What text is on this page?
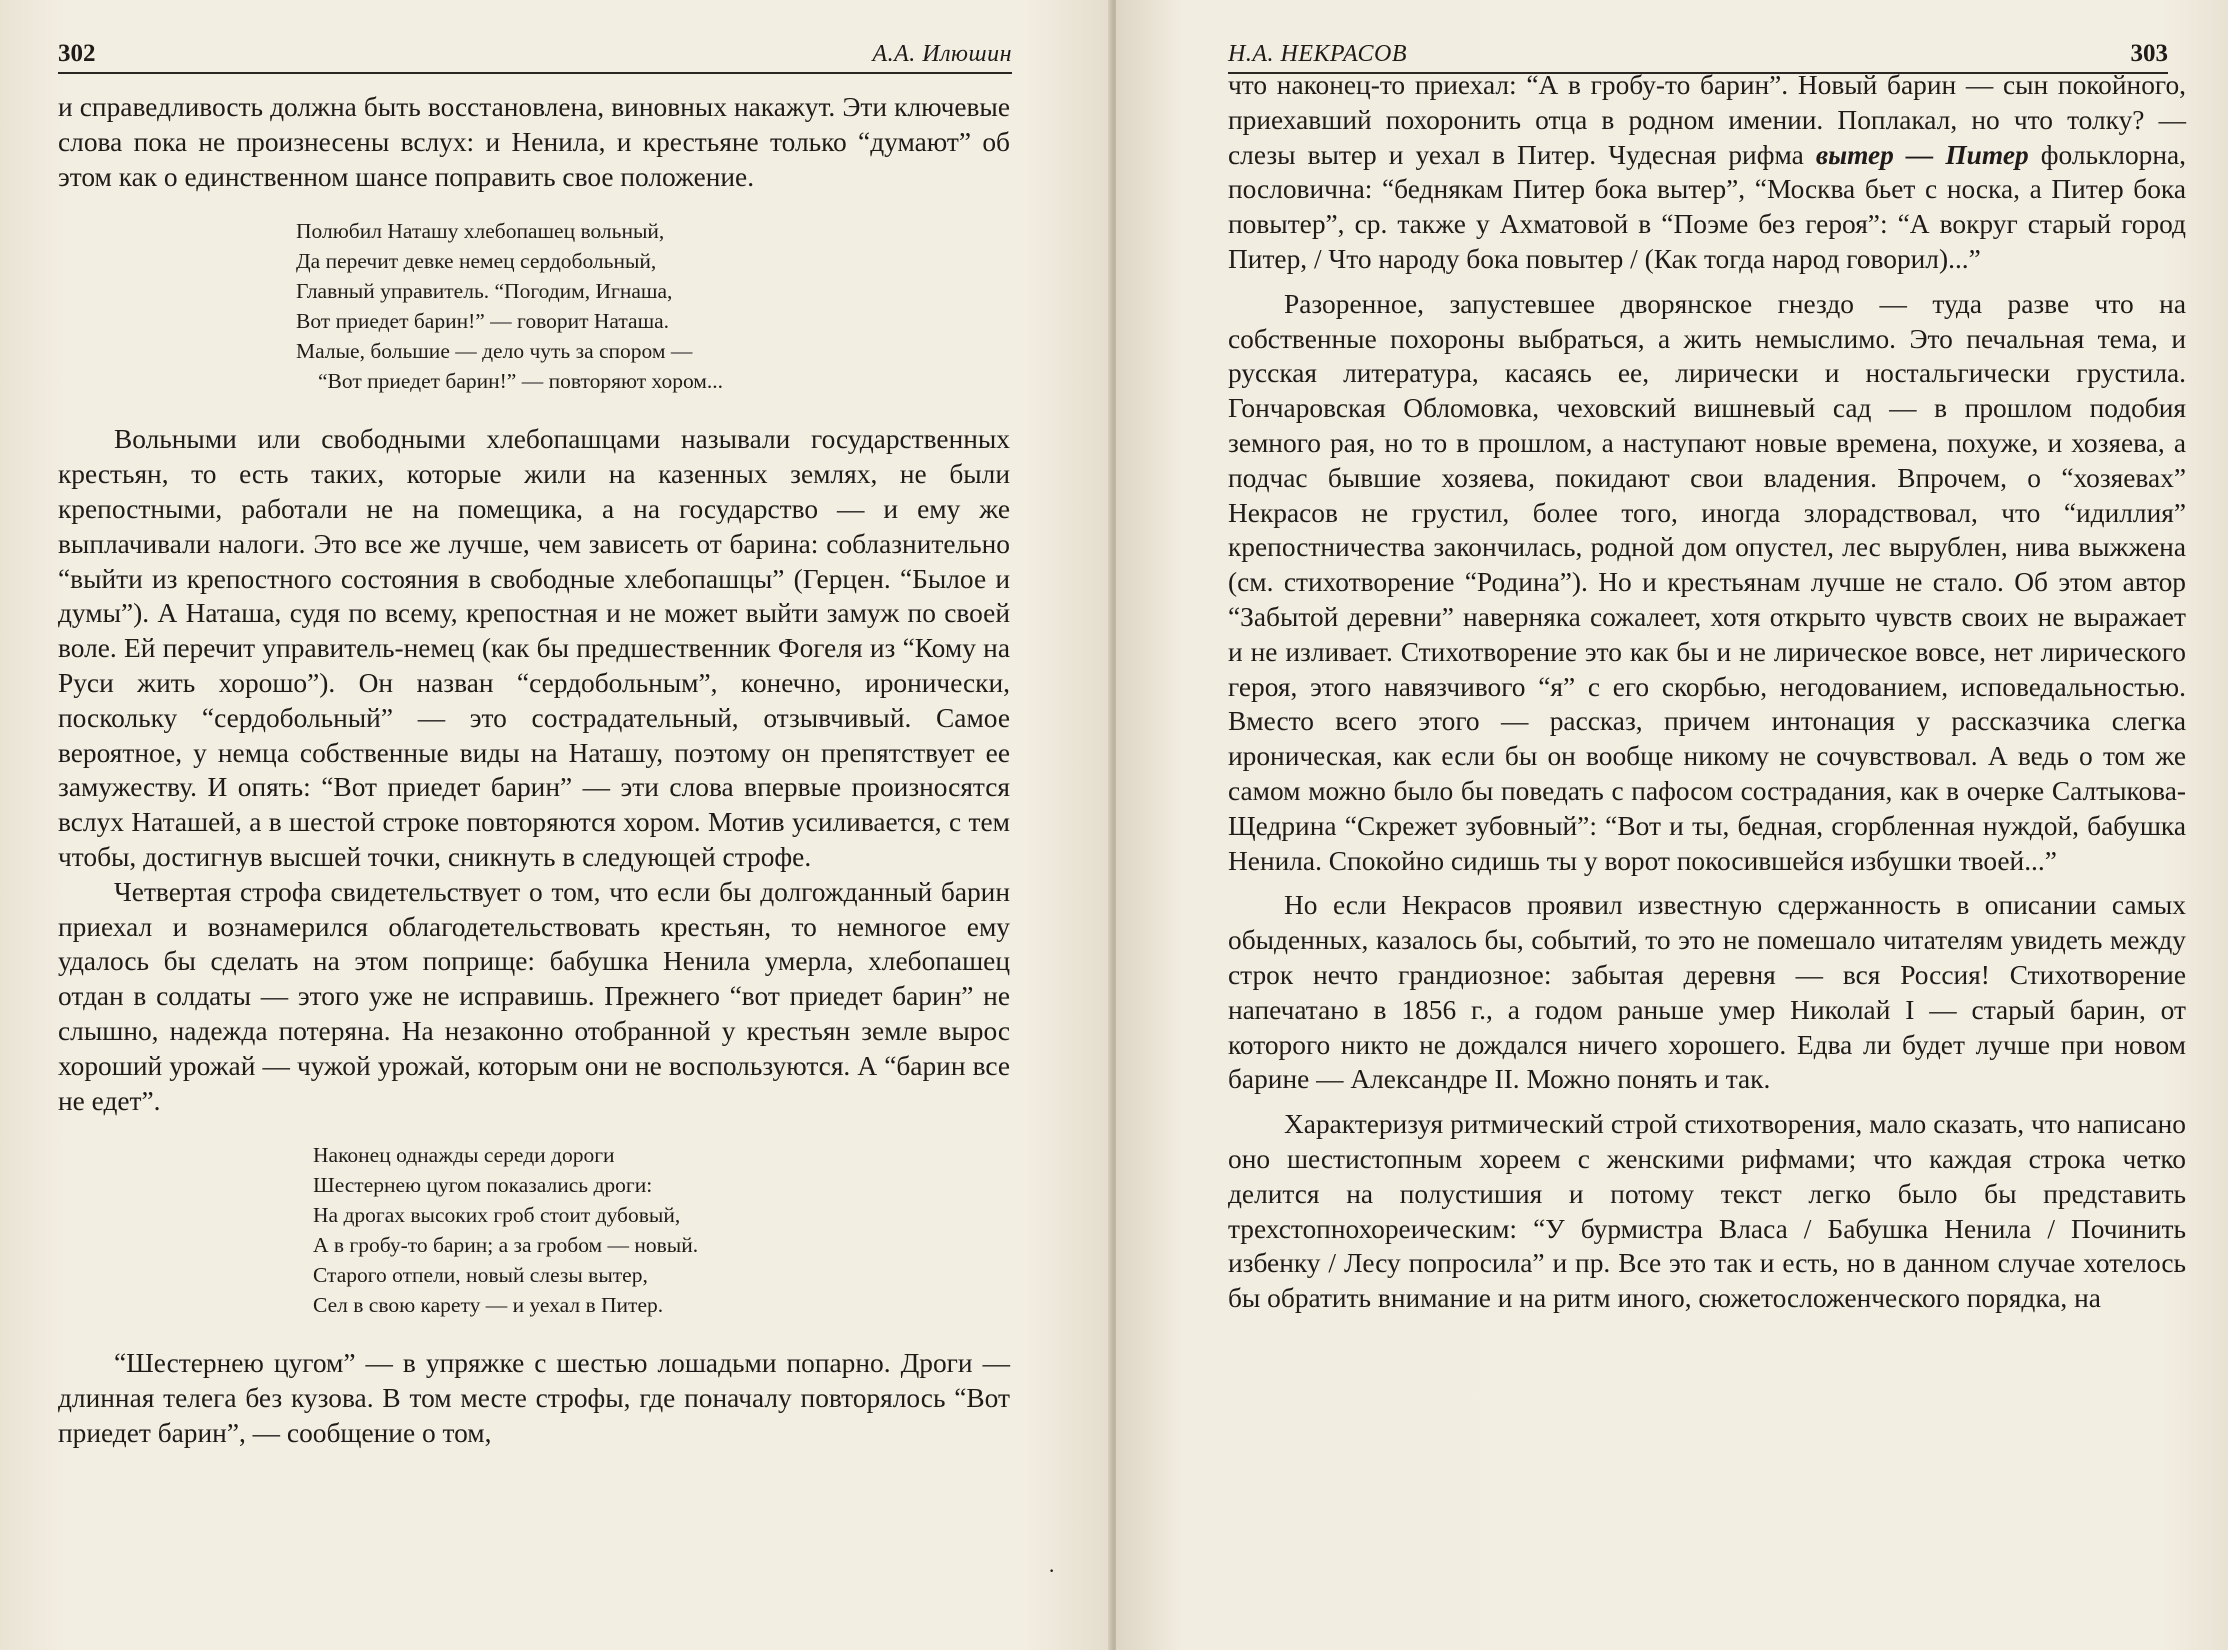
302	А.А. Илюшин

и справедливость должна быть восстановлена, виновных накажут. Эти ключевые слова пока не произнесены вслух: и Ненила, и крестьяне только “думают” об этом как о единственном шансе поправить свое положение.

Полюбил Наташу хлебопашец вольный,
Да перечит девке немец сердобольный,
Главный управитель. “Погодим, Игнаша,
Вот приедет барин!” — говорит Наташа.
Малые, большие — дело чуть за спором —
“Вот приедет барин!” — повторяют хором...

Вольными или свободными хлебопашцами называли государственных крестьян, то есть таких, которые жили на казенных землях, не были крепостными, работали не на помещика, а на государство — и ему же выплачивали налоги. Это все же лучше, чем зависеть от барина: соблазнительно “выйти из крепостного состояния в свободные хлебопашцы” (Герцен. “Былое и думы”). А Наташа, судя по всему, крепостная и не может выйти замуж по своей воле. Ей перечит управитель-немец (как бы предшественник Фогеля из “Кому на Руси жить хорошо”). Он назван “сердобольным”, конечно, иронически, поскольку “сердобольный” — это сострадательный, отзывчивый. Самое вероятное, у немца собственные виды на Наташу, поэтому он препятствует ее замужеству. И опять: “Вот приедет барин” — эти слова впервые произносятся вслух Наташей, а в шестой строке повторяются хором. Мотив усиливается, с тем чтобы, достигнув высшей точки, сникнуть в следующей строфе.

Четвертая строфа свидетельствует о том, что если бы долгожданный барин приехал и вознамерился облагодетельствовать крестьян, то немногое ему удалось бы сделать на этом поприще: бабушка Ненила умерла, хлебопашец отдан в солдаты — этого уже не исправишь. Прежнего “вот приедет барин” не слышно, надежда потеряна. На незаконно отобранной у крестьян земле вырос хороший урожай — чужой урожай, которым они не воспользуются. А “барин все не едет”.

Наконец однажды середи дороги
Шестернею цугом показались дроги:
На дрогах высоких гроб стоит дубовый,
А в гробу-то барин; а за гробом — новый.
Старого отпели, новый слезы вытер,
Сел в свою карету — и уехал в Питер.

“Шестернею цугом” — в упряжке с шестью лошадьми попарно. Дроги — длинная телега без кузова. В том месте строфы, где поначалу повторялось “Вот приедет барин”, — сообщение о том,

·
Н.А. НЕКРАСОВ	303

что наконец-то приехал: “А в гробу-то барин”. Новый барин — сын покойного, приехавший похоронить отца в родном имении. Поплакал, но что толку? — слезы вытер и уехал в Питер. Чудесная рифма вытер — Питер фольклорна, пословична: “беднякам Питер бока вытер”, “Москва бьет с носка, а Питер бока повытер”, ср. также у Ахматовой в “Поэме без героя”: “А вокруг старый город Питер, / Что народу бока повытер / (Как тогда народ говорил)...”

Разоренное, запустевшее дворянское гнездо — туда разве что на собственные похороны выбраться, а жить немыслимо. Это печальная тема, и русская литература, касаясь ее, лирически и ностальгически грустила. Гончаровская Обломовка, чеховский вишневый сад — в прошлом подобия земного рая, но то в прошлом, а наступают новые времена, похуже, и хозяева, а подчас бывшие хозяева, покидают свои владения. Впрочем, о “хозяевах” Некрасов не грустил, более того, иногда злорадствовал, что “идиллия” крепостничества закончилась, родной дом опустел, лес вырублен, нива выжжена (см. стихотворение “Родина”). Но и крестьянам лучше не стало. Об этом автор “Забытой деревни” наверняка сожалеет, хотя открыто чувств своих не выражает и не изливает. Стихотворение это как бы и не лирическое вовсе, нет лирического героя, этого навязчивого “я” с его скорбью, негодованием, исповедальностью. Вместо всего этого — рассказ, причем интонация у рассказчика слегка ироническая, как если бы он вообще никому не сочувствовал. А ведь о том же самом можно было бы поведать с пафосом сострадания, как в очерке Салтыкова-Щедрина “Скрежет зубовный”: “Вот и ты, бедная, сгорбленная нуждой, бабушка Ненила. Спокойно сидишь ты у ворот покосившейся избушки твоей...”

Но если Некрасов проявил известную сдержанность в описании самых обыденных, казалось бы, событий, то это не помешало читателям увидеть между строк нечто грандиозное: забытая деревня — вся Россия! Стихотворение напечатано в 1856 г., а годом раньше умер Николай I — старый барин, от которого никто не дождался ничего хорошего. Едва ли будет лучше при новом барине — Александре II. Можно понять и так.

Характеризуя ритмический строй стихотворения, мало сказать, что написано оно шестистопным хореем с женскими рифмами; что каждая строка четко делится на полустишия и потому текст легко было бы представить трехстопнохореическим: “У бурмистра Власа / Бабушка Ненила / Починить избенку / Лесу попросила” и пр. Все это так и есть, но в данном случае хотелось бы обратить внимание и на ритм иного, сюжетосложенческого порядка, на
